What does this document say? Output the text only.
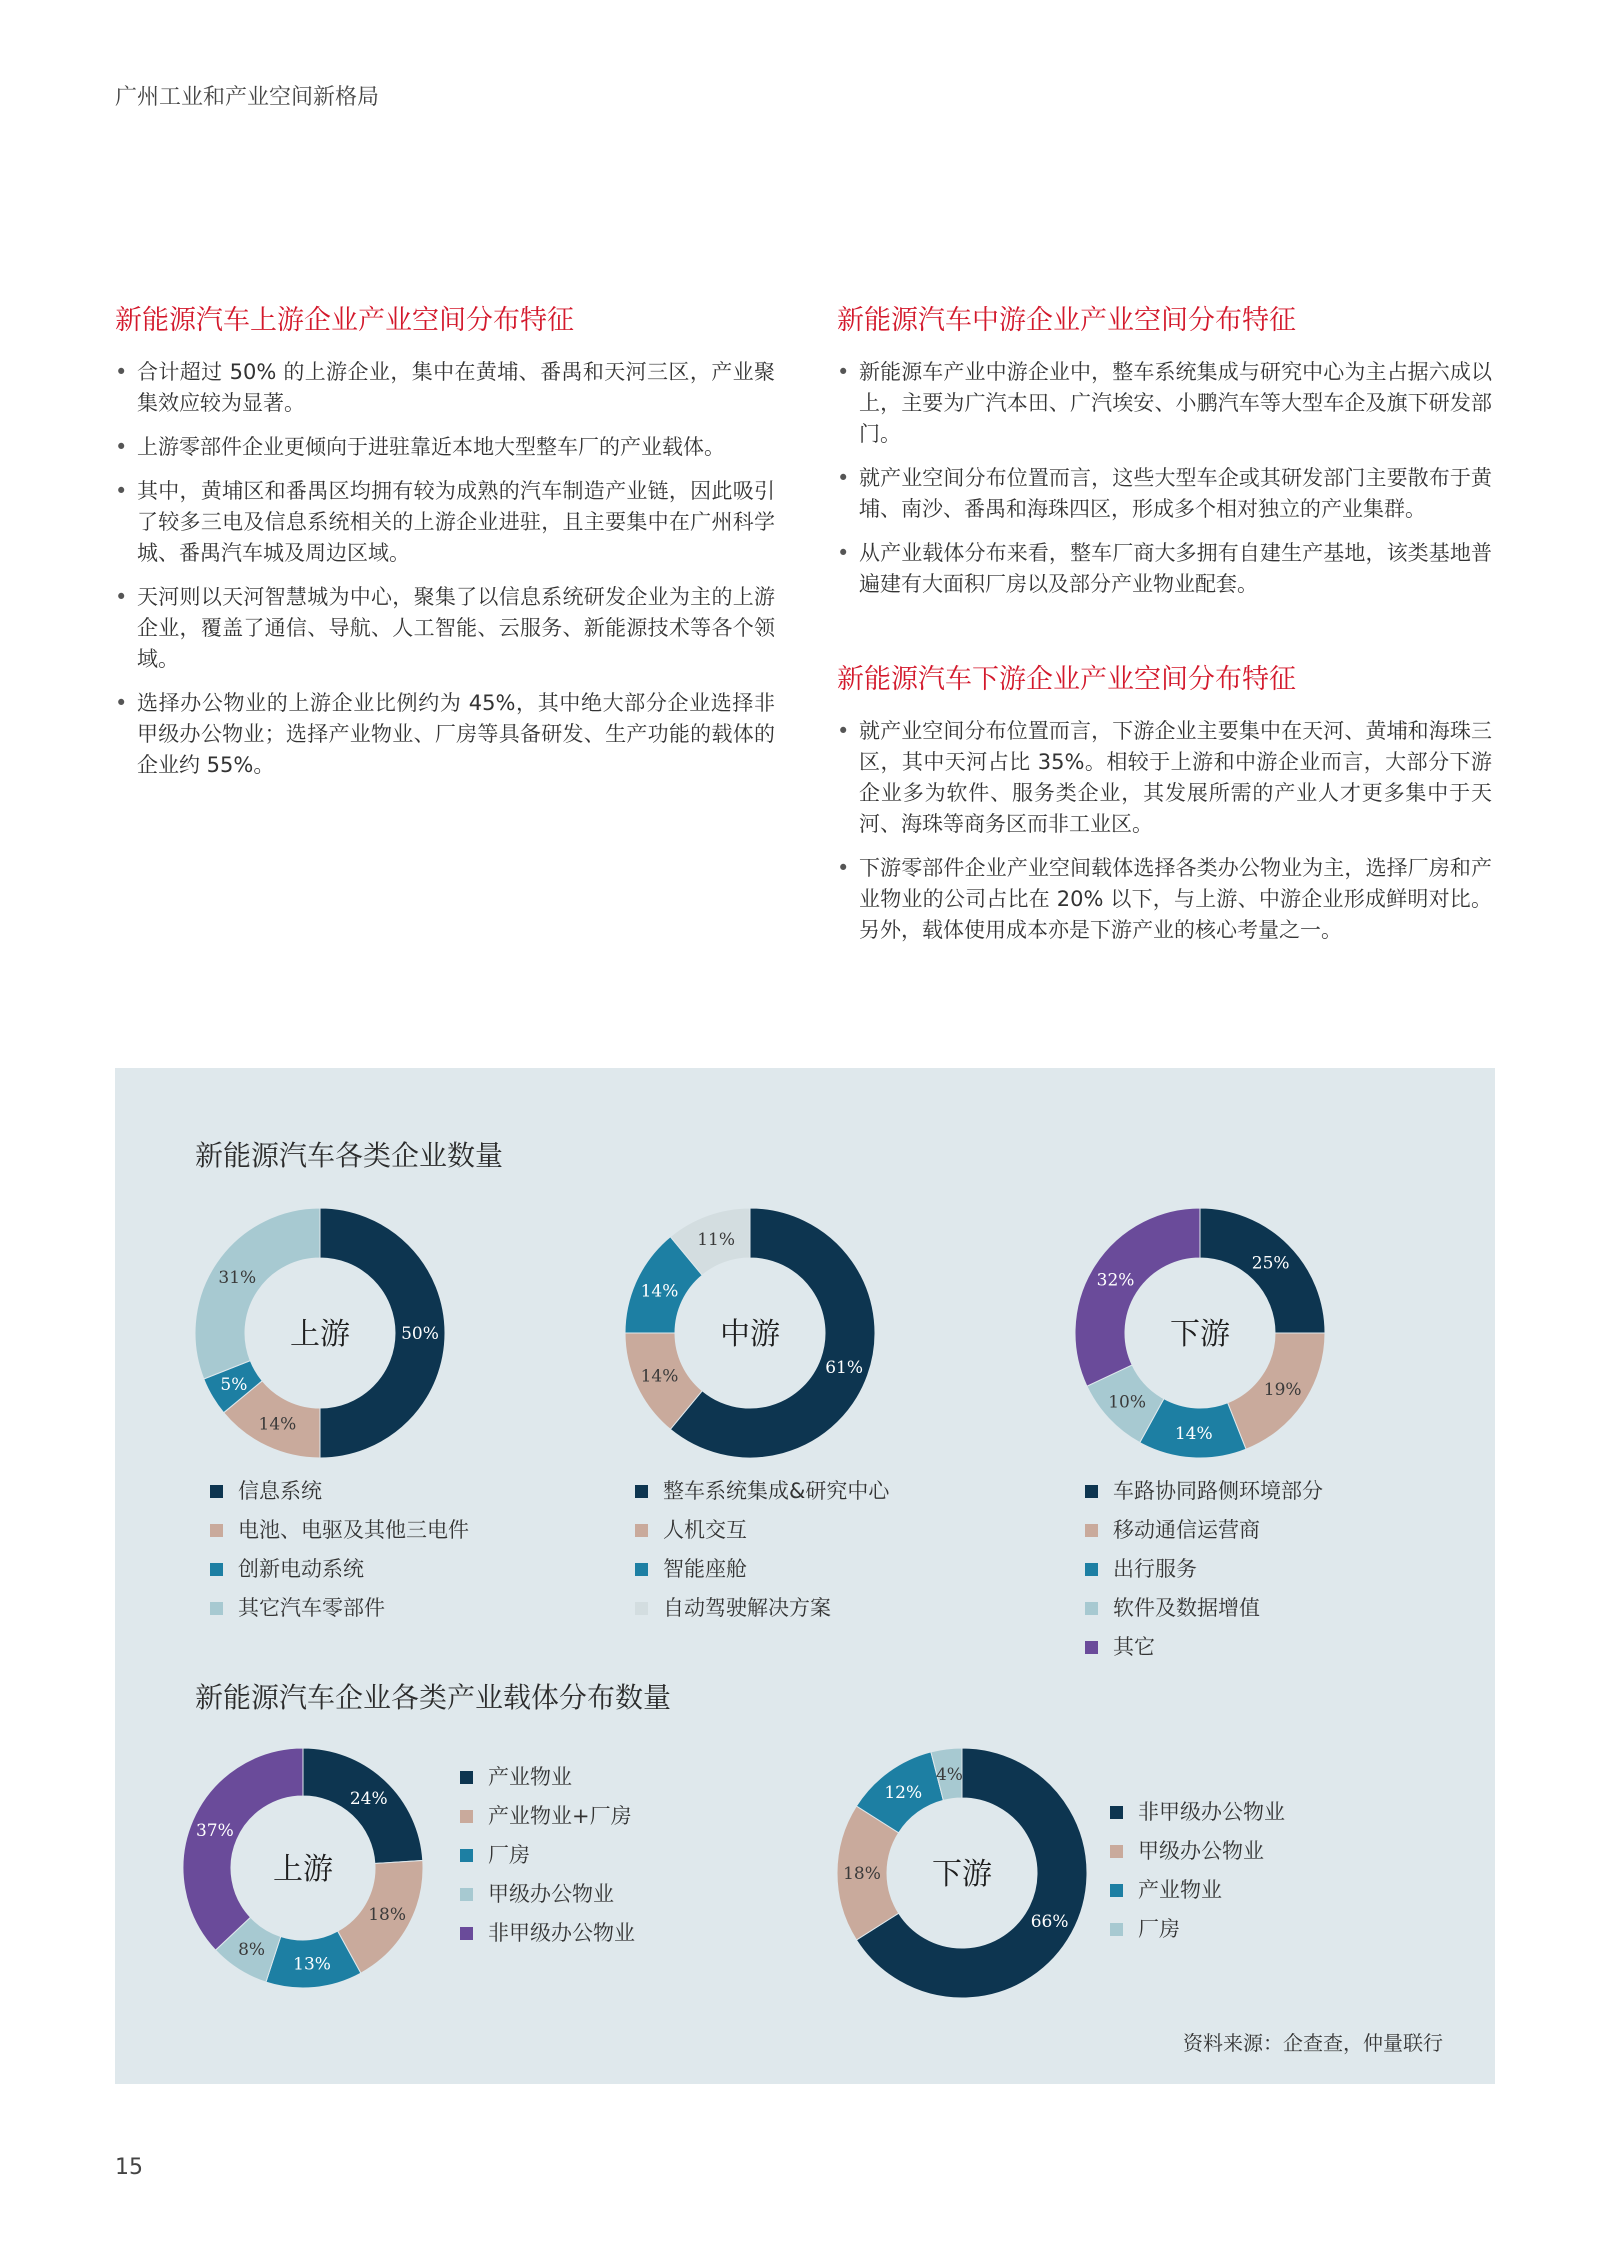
广州工业和产业空间新格局
新能源汽车上游企业产业空间分布特征
• 合计超过 50% 的上游企业，集中在黄埔、番禺和天河三区，产业聚集效应较为显著。
• 上游零部件企业更倾向于进驻靠近本地大型整车厂的产业载体。
• 其中，黄埔区和番禺区均拥有较为成熟的汽车制造产业链，因此吸引了较多三电及信息系统相关的上游企业进驻，且主要集中在广州科学城、番禺汽车城及周边区域。
• 天河则以天河智慧城为中心，聚集了以信息系统研发企业为主的上游企业，覆盖了通信、导航、人工智能、云服务、新能源技术等各个领域。
• 选择办公物业的上游企业比例约为 45%，其中绝大部分企业选择非甲级办公物业；选择产业物业、厂房等具备研发、生产功能的载体的企业约 55%。
新能源汽车中游企业产业空间分布特征
• 新能源车产业中游企业中，整车系统集成与研究中心为主占据六成以上，主要为广汽本田、广汽埃安、小鹏汽车等大型车企及旗下研发部门。
• 就产业空间分布位置而言，这些大型车企或其研发部门主要散布于黄埔、南沙、番禺和海珠四区，形成多个相对独立的产业集群。
• 从产业载体分布来看，整车厂商大多拥有自建生产基地，该类基地普遍建有大面积厂房以及部分产业物业配套。
新能源汽车下游企业产业空间分布特征
• 就产业空间分布位置而言，下游企业主要集中在天河、黄埔和海珠三区，其中天河占比 35%。相较于上游和中游企业而言，大部分下游企业多为软件、服务类企业，其发展所需的产业人才更多集中于天河、海珠等商务区而非工业区。
• 下游零部件企业产业空间载体选择各类办公物业为主，选择厂房和产业物业的公司占比在 20% 以下，与上游、中游企业形成鲜明对比。另外，载体使用成本亦是下游产业的核心考量之一。
新能源汽车各类企业数量
50%
14%
5%
31%
上游
61%
14%
14%
11%
中游
25%
19%
14%
10%
32%
下游
信息系统
电池、电驱及其他三电件
创新电动系统
其它汽车零部件
整车系统集成&研究中心
人机交互
智能座舱
自动驾驶解决方案
车路协同路侧环境部分
移动通信运营商
出行服务
软件及数据增值
其它
新能源汽车企业各类产业载体分布数量
24%
18%
13%
8%
37%
上游
66%
18%
12%
4%
下游
产业物业
产业物业+厂房
厂房
甲级办公物业
非甲级办公物业
非甲级办公物业
甲级办公物业
产业物业
厂房
资料来源：企查查，仲量联行
15
